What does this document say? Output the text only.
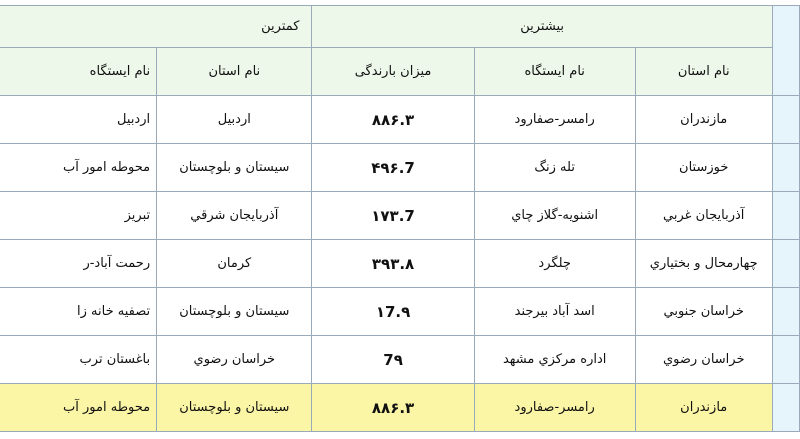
	بیشترین			کمترین	
	نام استان	نام ایستگاه	میزان بارندگی	نام استان	نام ایستگاه
	مازندران	رامسر-صفارود	۸۸۶.۳	اردبیل	اردبیل
	خوزستان	تله زنگ	۴۹۶.7	سیستان و بلوچستان	محوطه امور آب
	آذربایجان غربي	اشنويه-گلاز چاي	۱۷۳.7	آذربايجان شرقي	تبریز
	چهارمحال و بختياري	چلگرد	۳۹۳.۸	كرمان	رحمت آباد-ر
	خراسان جنوبي	اسد آباد بيرجند	۱7.۹	سیستان و بلوچستان	تصفيه خانه زا
	خراسان رضوي	اداره مركزي مشهد	7۹	خراسان رضوي	باغستان ترب
	مازندران	رامسر-صفارود	۸۸۶.۳	سیستان و بلوچستان	محوطه امور آب
